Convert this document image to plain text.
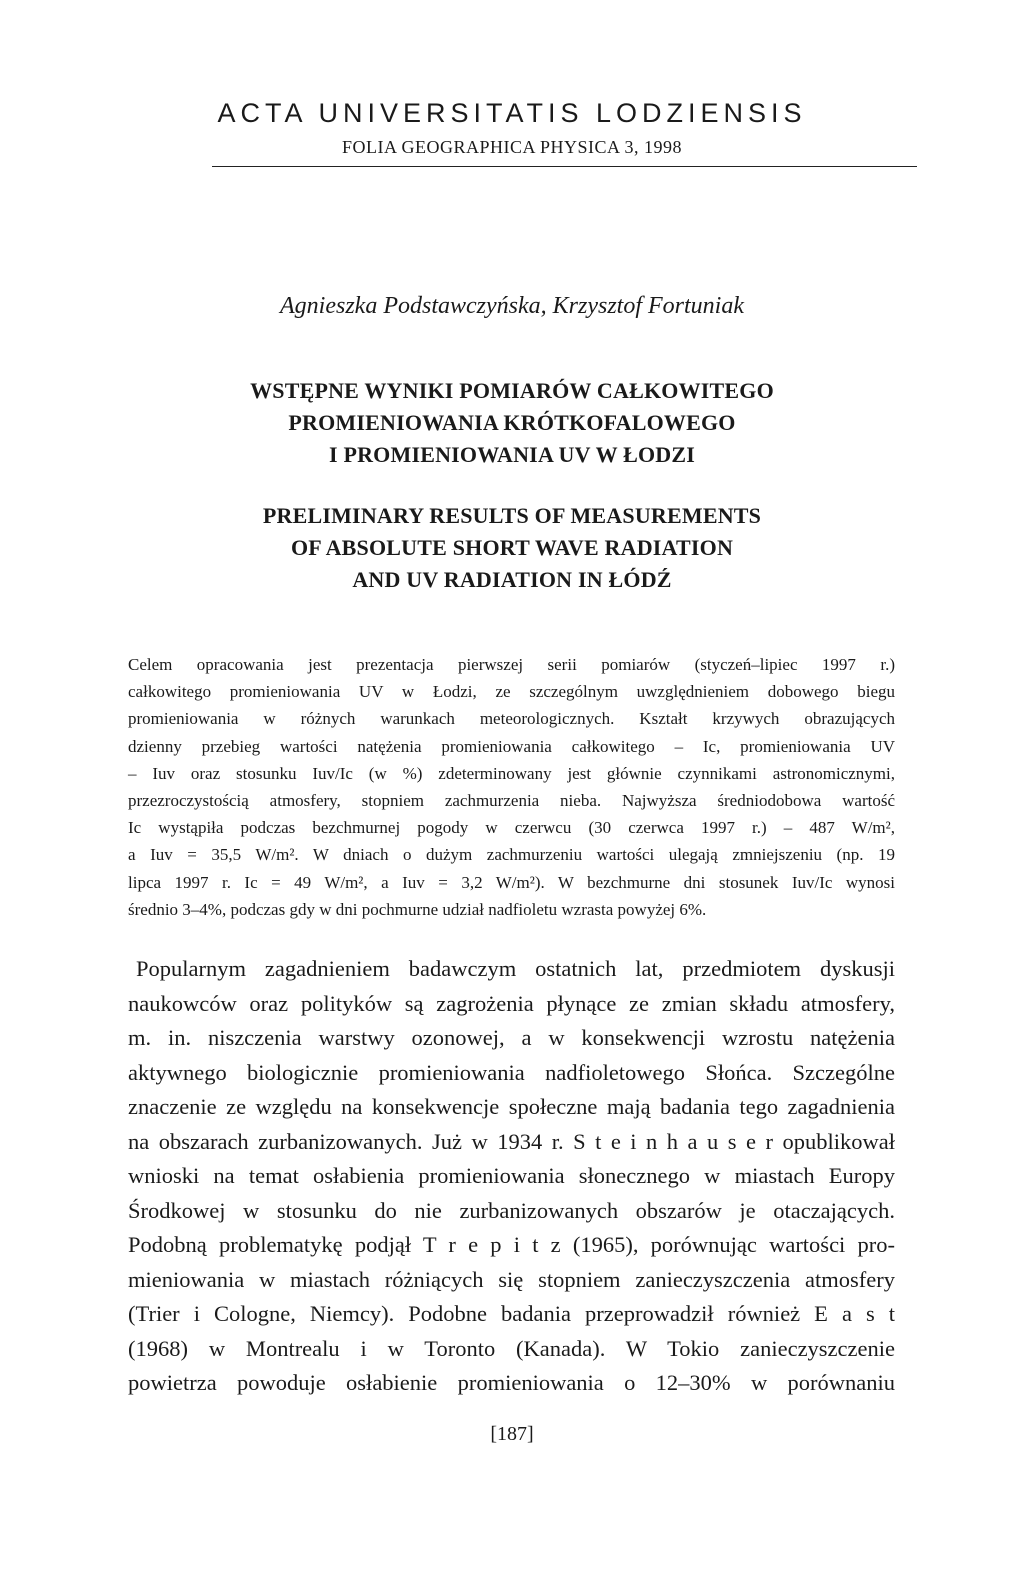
ACTA UNIVERSITATIS LODZIENSIS
FOLIA GEOGRAPHICA PHYSICA 3, 1998
Agnieszka Podstawczyńska, Krzysztof Fortuniak
WSTĘPNE WYNIKI POMIARÓW CAŁKOWITEGO
PROMIENIOWANIA KRÓTKOFALOWEGO
I PROMIENIOWANIA UV W ŁODZI
PRELIMINARY RESULTS OF MEASUREMENTS
OF ABSOLUTE SHORT WAVE RADIATION
AND UV RADIATION IN ŁÓDŹ
Celem opracowania jest prezentacja pierwszej serii pomiarów (styczeń–lipiec 1997 r.)
całkowitego promieniowania UV w Łodzi, ze szczególnym uwzględnieniem dobowego biegu
promieniowania w różnych warunkach meteorologicznych. Kształt krzywych obrazujących
dzienny przebieg wartości natężenia promieniowania całkowitego – Ic, promieniowania UV
– Iuv oraz stosunku Iuv/Ic (w %) zdeterminowany jest głównie czynnikami astronomicznymi,
przezroczystością atmosfery, stopniem zachmurzenia nieba. Najwyższa średniodobowa wartość
Ic wystąpiła podczas bezchmurnej pogody w czerwcu (30 czerwca 1997 r.) – 487 W/m²,
a Iuv = 35,5 W/m². W dniach o dużym zachmurzeniu wartości ulegają zmniejszeniu (np. 19
lipca 1997 r. Ic = 49 W/m², a Iuv = 3,2 W/m²). W bezchmurne dni stosunek Iuv/Ic wynosi
średnio 3–4%, podczas gdy w dni pochmurne udział nadfioletu wzrasta powyżej 6%.
Popularnym zagadnieniem badawczym ostatnich lat, przedmiotem dyskusji
naukowców oraz polityków są zagrożenia płynące ze zmian składu atmosfery,
m. in. niszczenia warstwy ozonowej, a w konsekwencji wzrostu natężenia
aktywnego biologicznie promieniowania nadfioletowego Słońca. Szczególne
znaczenie ze względu na konsekwencje społeczne mają badania tego zagadnienia
na obszarach zurbanizowanych. Już w 1934 r. S t e i n h a u s e r opublikował
wnioski na temat osłabienia promieniowania słonecznego w miastach Europy
Środkowej w stosunku do nie zurbanizowanych obszarów je otaczających.
Podobną problematykę podjął T r e p i t z (1965), porównując wartości pro-
mieniowania w miastach różniących się stopniem zanieczyszczenia atmosfery
(Trier i Cologne, Niemcy). Podobne badania przeprowadził również E a s t
(1968) w Montrealu i w Toronto (Kanada). W Tokio zanieczyszczenie
powietrza powoduje osłabienie promieniowania o 12–30% w porównaniu
[187]
